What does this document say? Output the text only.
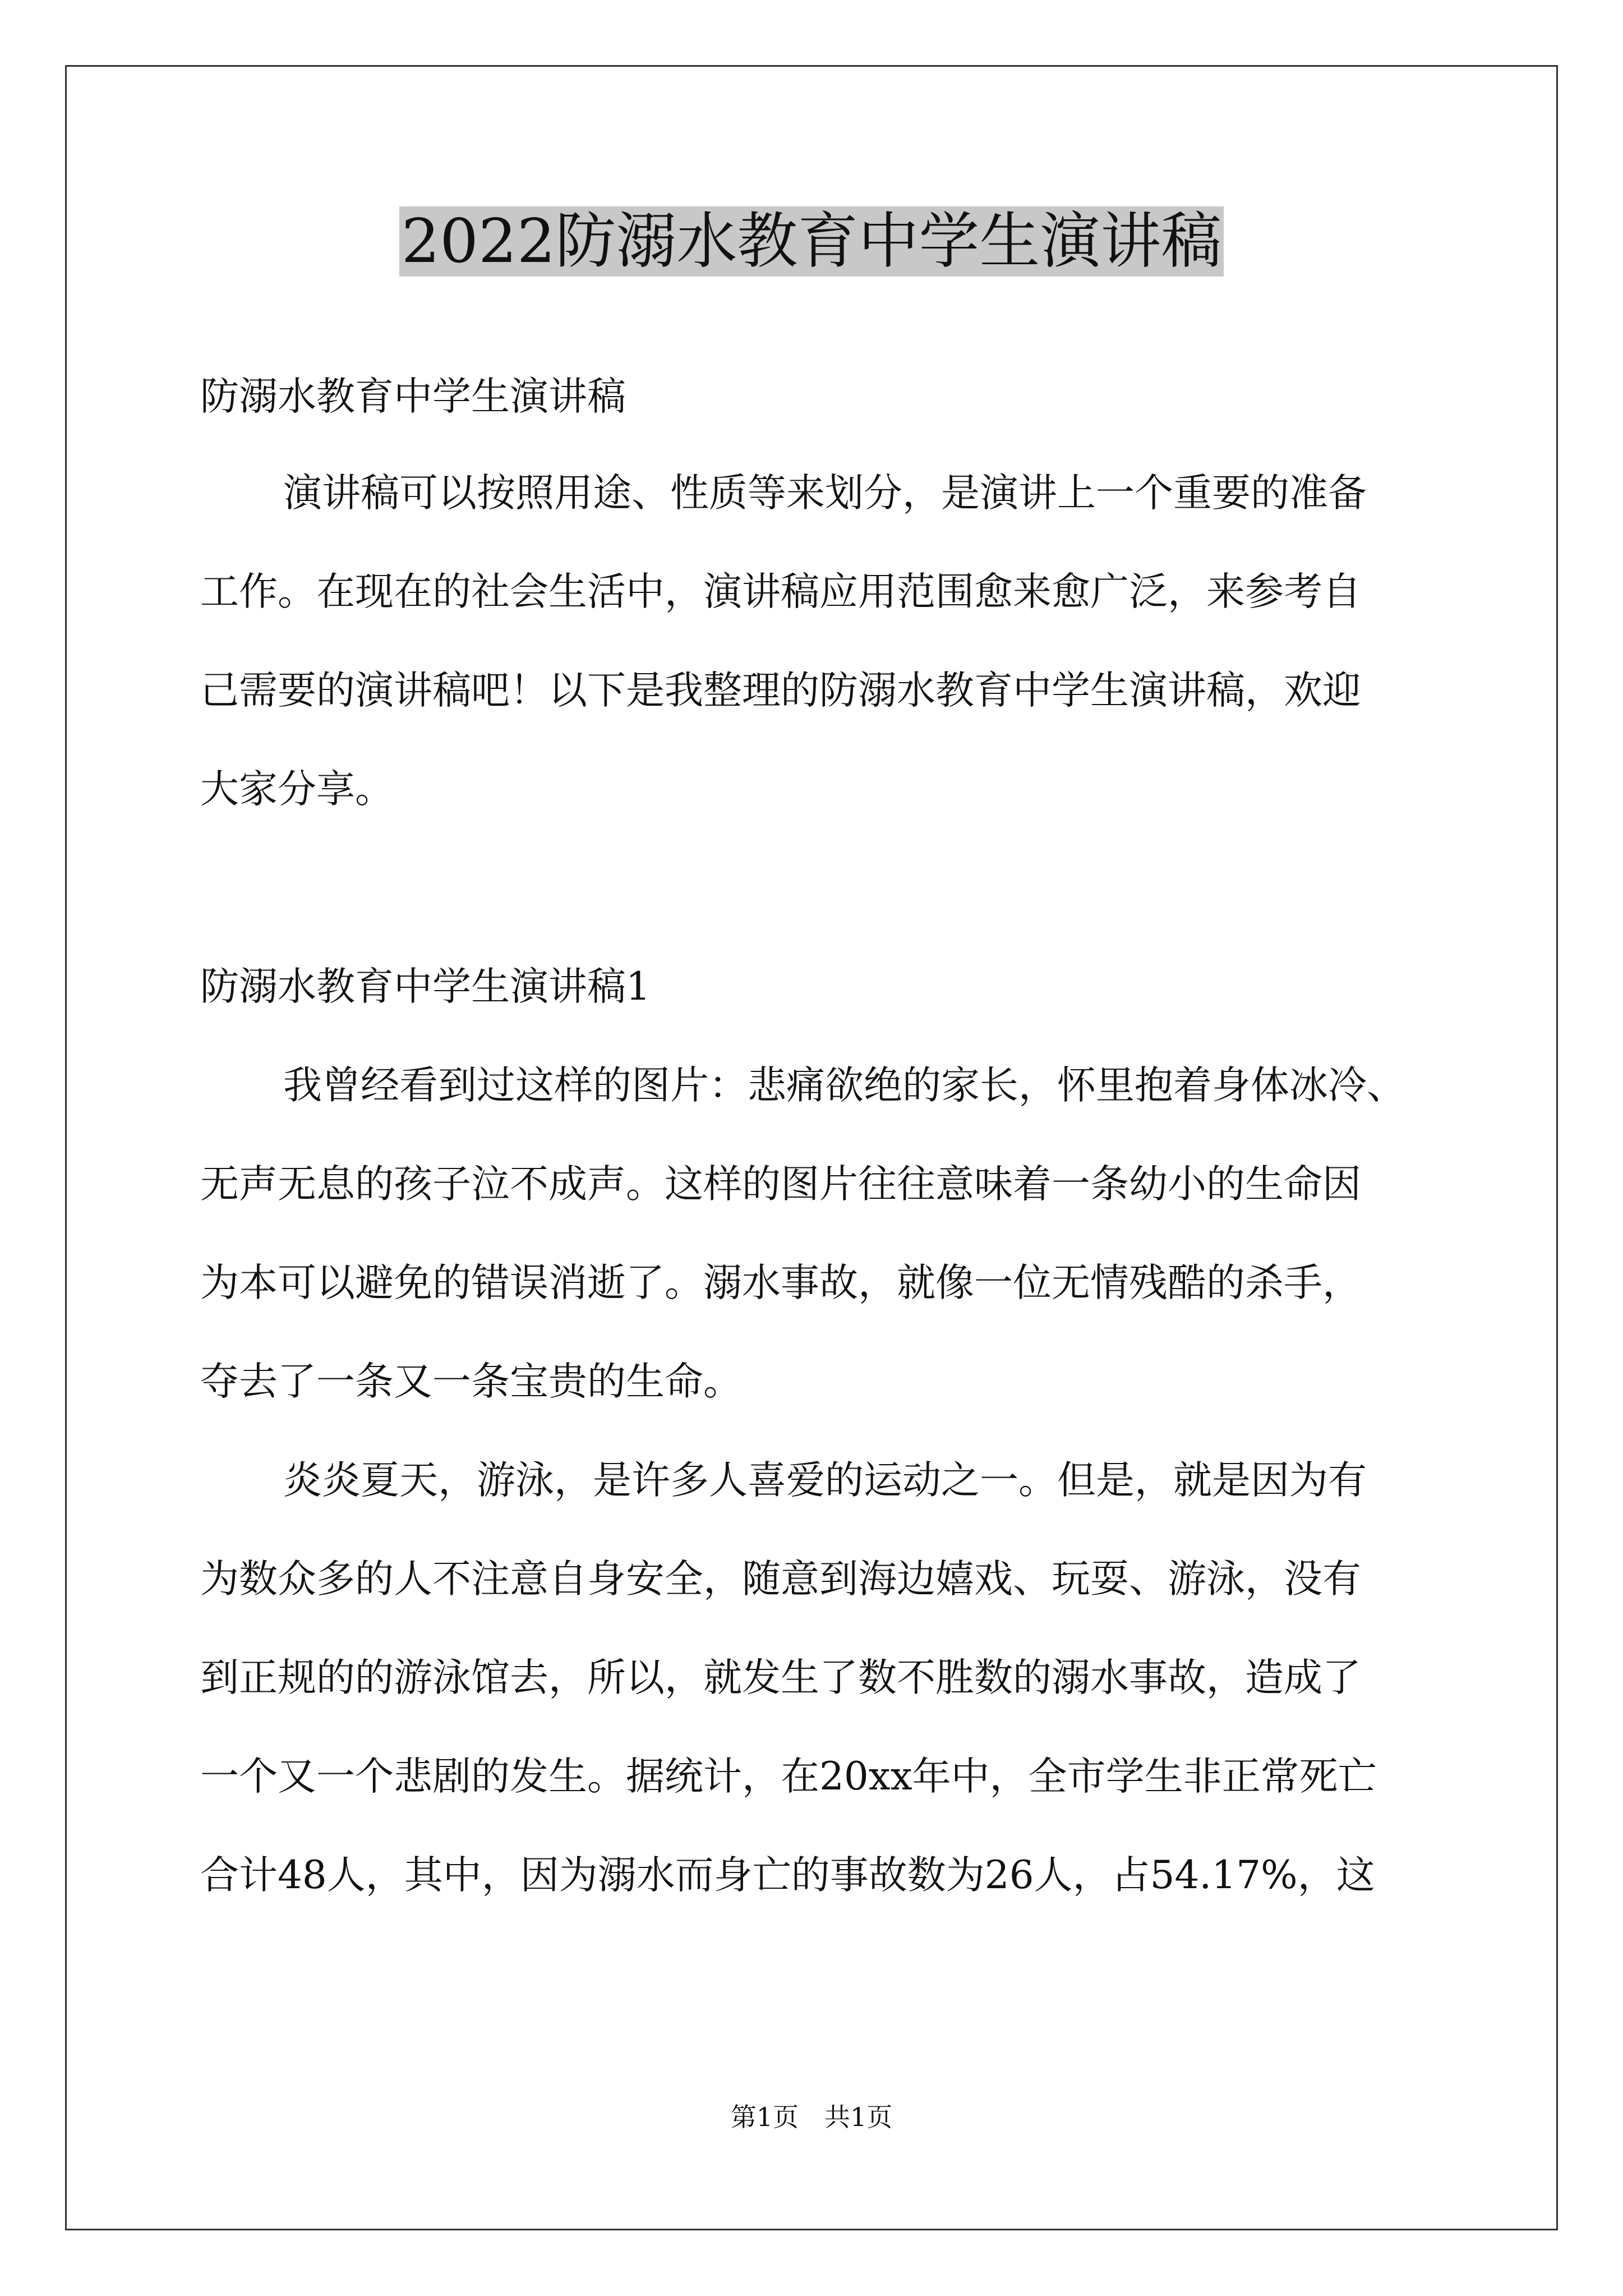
2022防溺水教育中学生演讲稿
防溺水教育中学生演讲稿
演讲稿可以按照用途、性质等来划分，是演讲上一个重要的准备
工作。在现在的社会生活中，演讲稿应用范围愈来愈广泛，来参考自
己需要的演讲稿吧！以下是我整理的防溺水教育中学生演讲稿，欢迎
大家分享。
防溺水教育中学生演讲稿1
我曾经看到过这样的图片：悲痛欲绝的家长，怀里抱着身体冰冷、
无声无息的孩子泣不成声。这样的图片往往意味着一条幼小的生命因
为本可以避免的错误消逝了。溺水事故，就像一位无情残酷的杀手，
夺去了一条又一条宝贵的生命。
炎炎夏天，游泳，是许多人喜爱的运动之一。但是，就是因为有
为数众多的人不注意自身安全，随意到海边嬉戏、玩耍、游泳，没有
到正规的的游泳馆去，所以，就发生了数不胜数的溺水事故，造成了
一个又一个悲剧的发生。据统计，在20xx年中，全市学生非正常死亡
合计48人，其中，因为溺水而身亡的事故数为26人，占54.17%，这
第1页　共1页
